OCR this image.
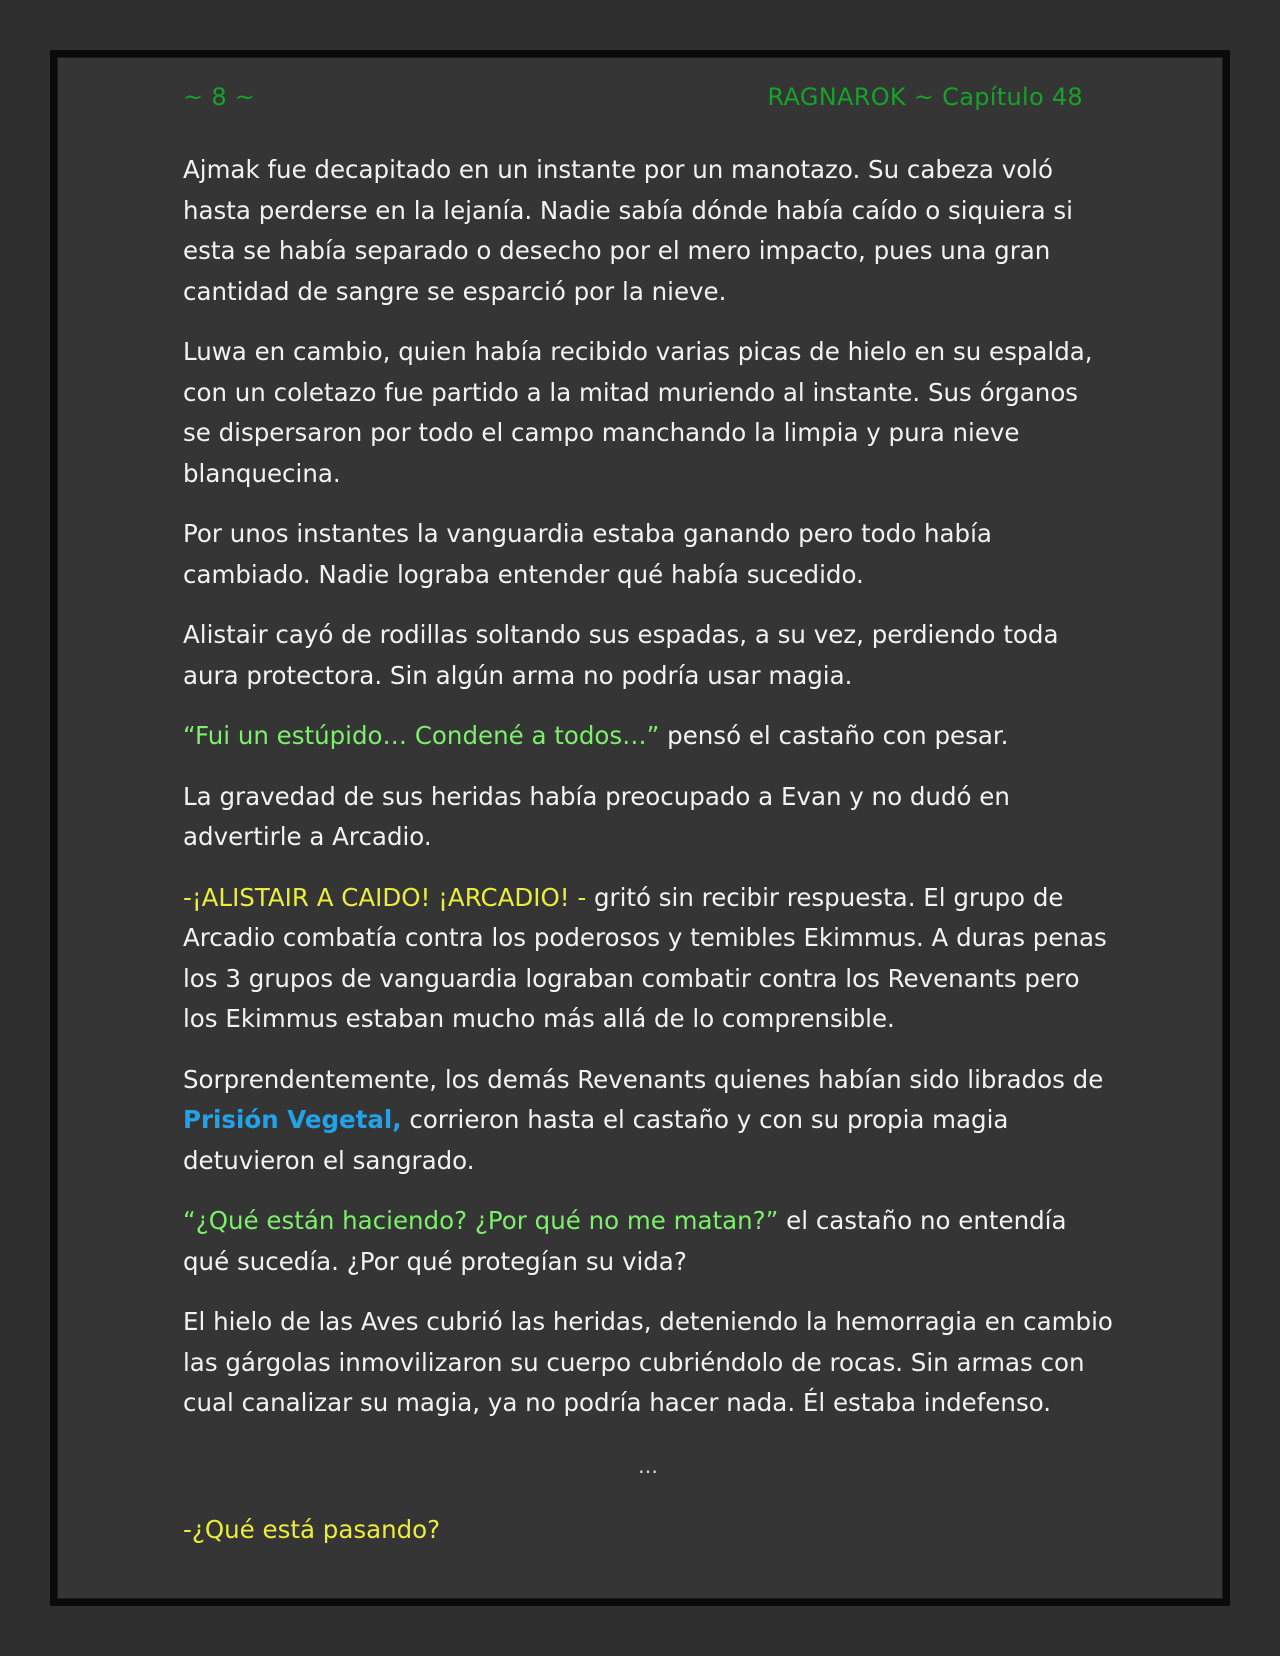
~ 8 ~	RAGNAROK ~ Capítulo 48

Ajmak fue decapitado en un instante por un manotazo. Su cabeza voló hasta perderse en la lejanía. Nadie sabía dónde había caído o siquiera si esta se había separado o desecho por el mero impacto, pues una gran cantidad de sangre se esparció por la nieve.

Luwa en cambio, quien había recibido varias picas de hielo en su espalda, con un coletazo fue partido a la mitad muriendo al instante. Sus órganos se dispersaron por todo el campo manchando la limpia y pura nieve blanquecina.

Por unos instantes la vanguardia estaba ganando pero todo había cambiado. Nadie lograba entender qué había sucedido.

Alistair cayó de rodillas soltando sus espadas, a su vez, perdiendo toda aura protectora. Sin algún arma no podría usar magia.

“Fui un estúpido… Condené a todos…” pensó el castaño con pesar.

La gravedad de sus heridas había preocupado a Evan y no dudó en advertirle a Arcadio.

-¡ALISTAIR A CAIDO! ¡ARCADIO! - gritó sin recibir respuesta. El grupo de Arcadio combatía contra los poderosos y temibles Ekimmus. A duras penas los 3 grupos de vanguardia lograban combatir contra los Revenants pero los Ekimmus estaban mucho más allá de lo comprensible.

Sorprendentemente, los demás Revenants quienes habían sido librados de Prisión Vegetal, corrieron hasta el castaño y con su propia magia detuvieron el sangrado.

“¿Qué están haciendo? ¿Por qué no me matan?” el castaño no entendía qué sucedía. ¿Por qué protegían su vida?

El hielo de las Aves cubrió las heridas, deteniendo la hemorragia en cambio las gárgolas inmovilizaron su cuerpo cubriéndolo de rocas. Sin armas con cual canalizar su magia, ya no podría hacer nada. Él estaba indefenso.

…

-¿Qué está pasando?
